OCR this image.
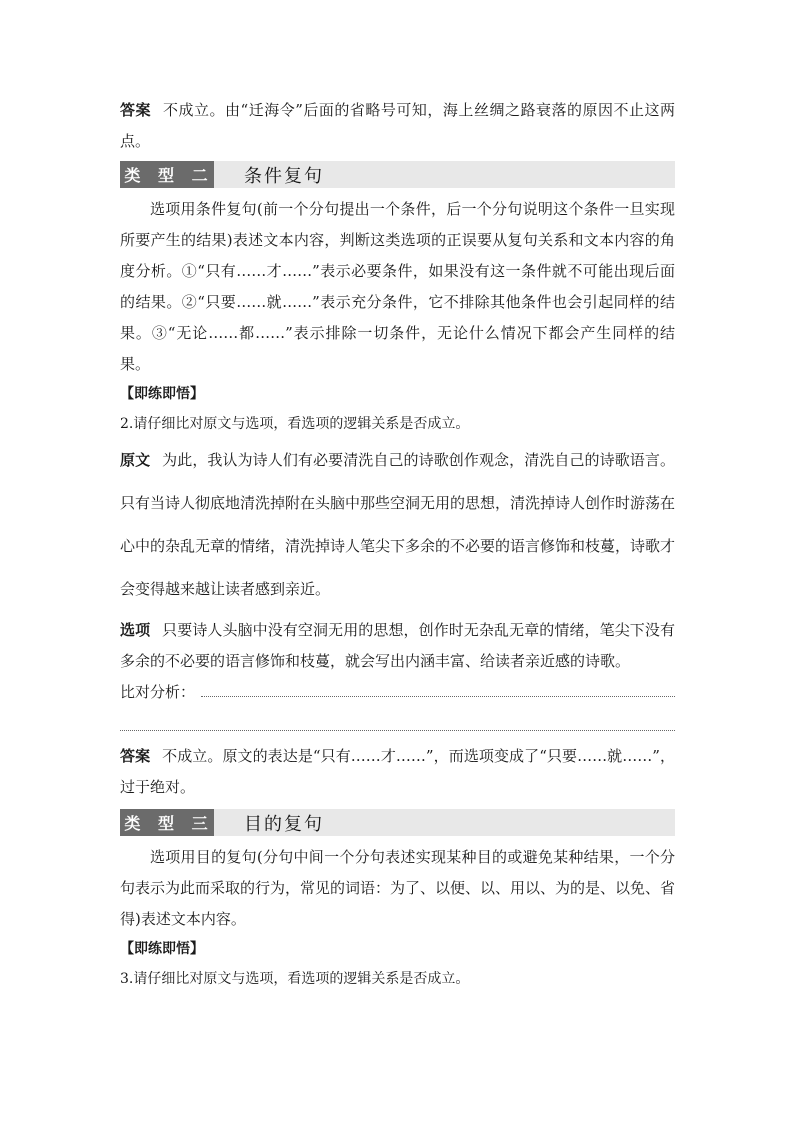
答案 不成立。由“迁海令”后面的省略号可知，海上丝绸之路衰落的原因不止这两点。

类 型 二 条件复句

选项用条件复句(前一个分句提出一个条件，后一个分句说明这个条件一旦实现所要产生的结果)表述文本内容，判断这类选项的正误要从复句关系和文本内容的角度分析。①“只有……才……”表示必要条件，如果没有这一条件就不可能出现后面的结果。②“只要……就……”表示充分条件，它不排除其他条件也会引起同样的结果。③“无论……都……”表示排除一切条件，无论什么情况下都会产生同样的结果。

【即练即悟】

2.请仔细比对原文与选项，看选项的逻辑关系是否成立。

原文 为此，我认为诗人们有必要清洗自己的诗歌创作观念，清洗自己的诗歌语言。只有当诗人彻底地清洗掉附在头脑中那些空洞无用的思想，清洗掉诗人创作时游荡在心中的杂乱无章的情绪，清洗掉诗人笔尖下多余的不必要的语言修饰和枝蔓，诗歌才会变得越来越让读者感到亲近。

选项 只要诗人头脑中没有空洞无用的思想，创作时无杂乱无章的情绪，笔尖下没有多余的不必要的语言修饰和枝蔓，就会写出内涵丰富、给读者亲近感的诗歌。

比对分析：

答案 不成立。原文的表达是“只有……才……”，而选项变成了“只要……就……”，过于绝对。

类 型 三 目的复句

选项用目的复句(分句中间一个分句表述实现某种目的或避免某种结果，一个分句表示为此而采取的行为，常见的词语：为了、以便、以、用以、为的是、以免、省得)表述文本内容。

【即练即悟】

3.请仔细比对原文与选项，看选项的逻辑关系是否成立。
